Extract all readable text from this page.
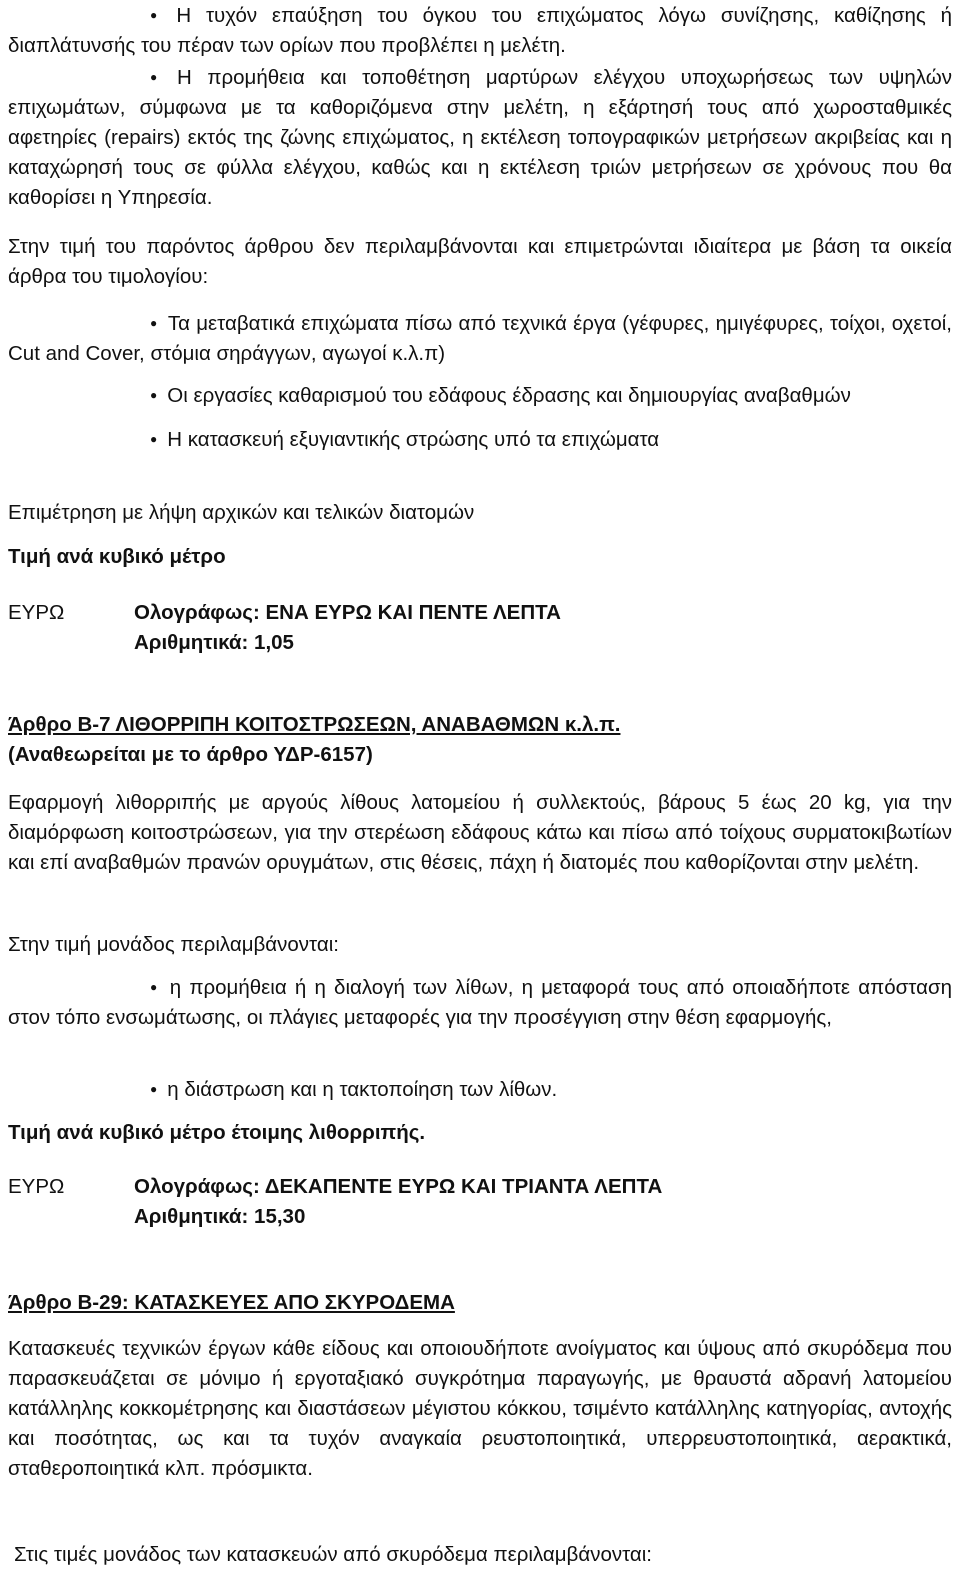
● Η τυχόν επαύξηση του όγκου του επιχώματος λόγω συνίζησης, καθίζησης ή διαπλάτυνσής του πέραν των ορίων που προβλέπει η μελέτη.

● Η προμήθεια και τοποθέτηση μαρτύρων ελέγχου υποχωρήσεως των υψηλών επιχωμάτων, σύμφωνα με τα καθοριζόμενα στην μελέτη, η εξάρτησή τους από χωροσταθμικές αφετηρίες (repairs) εκτός της ζώνης επιχώματος, η εκτέλεση τοπογραφικών μετρήσεων ακριβείας και η καταχώρησή τους σε φύλλα ελέγχου, καθώς και η εκτέλεση τριών μετρήσεων σε χρόνους που θα καθορίσει η Υπηρεσία.

Στην τιμή του παρόντος άρθρου δεν περιλαμβάνονται και επιμετρώνται ιδιαίτερα με βάση τα οικεία άρθρα του τιμολογίου:

● Τα μεταβατικά επιχώματα πίσω από τεχνικά έργα (γέφυρες, ημιγέφυρες, τοίχοι, οχετοί, Cut and Cover, στόμια σηράγγων, αγωγοί κ.λ.π)

● Οι εργασίες καθαρισμού του εδάφους έδρασης και δημιουργίας αναβαθμών

● Η κατασκευή εξυγιαντικής στρώσης υπό τα επιχώματα

Επιμέτρηση με λήψη αρχικών και τελικών διατομών

Τιμή ανά κυβικό μέτρο

ΕΥΡΩ	Ολογράφως: ΕΝΑ ΕΥΡΩ ΚΑΙ ΠΕΝΤΕ ΛΕΠΤΑ
Αριθμητικά: 1,05

Άρθρο Β-7 ΛΙΘΟΡΡΙΠΗ ΚΟΙΤΟΣΤΡΩΣΕΩΝ, ΑΝΑΒΑΘΜΩΝ κ.λ.π.

(Αναθεωρείται με το άρθρο ΥΔΡ-6157)

Εφαρμογή λιθορριπής με αργούς λίθους λατομείου ή συλλεκτούς, βάρους 5 έως 20 kg, για την διαμόρφωση κοιτοστρώσεων, για την στερέωση εδάφους κάτω και πίσω από τοίχους συρματοκιβωτίων και επί αναβαθμών πρανών ορυγμάτων, στις θέσεις, πάχη ή διατομές που καθορίζονται στην μελέτη.

Στην τιμή μονάδος περιλαμβάνονται:

● η προμήθεια ή η διαλογή των λίθων, η μεταφορά τους από οποιαδήποτε απόσταση στον τόπο ενσωμάτωσης, οι πλάγιες μεταφορές για την προσέγγιση στην θέση εφαρμογής,

● η διάστρωση και η τακτοποίηση των λίθων.

Τιμή ανά κυβικό μέτρο έτοιμης λιθορριπής.

ΕΥΡΩ	Ολογράφως: ΔΕΚΑΠΕΝΤΕ ΕΥΡΩ ΚΑΙ ΤΡΙΑΝΤΑ ΛΕΠΤΑ
Αριθμητικά: 15,30

Άρθρο Β-29: ΚΑΤΑΣΚΕΥΕΣ ΑΠΟ ΣΚΥΡΟΔΕΜΑ

Κατασκευές τεχνικών έργων κάθε είδους και οποιουδήποτε ανοίγματος και ύψους από σκυρόδεμα που παρασκευάζεται σε μόνιμο ή εργοταξιακό συγκρότημα παραγωγής, με θραυστά αδρανή λατομείου κατάλληλης κοκκομέτρησης και διαστάσεων μέγιστου κόκκου, τσιμέντο κατάλληλης κατηγορίας, αντοχής και ποσότητας, ως και τα τυχόν αναγκαία ρευστοποιητικά, υπερρευστοποιητικά, αερακτικά, σταθεροποιητικά κλπ. πρόσμικτα.

Στις τιμές μονάδος των κατασκευών από σκυρόδεμα περιλαμβάνονται:
